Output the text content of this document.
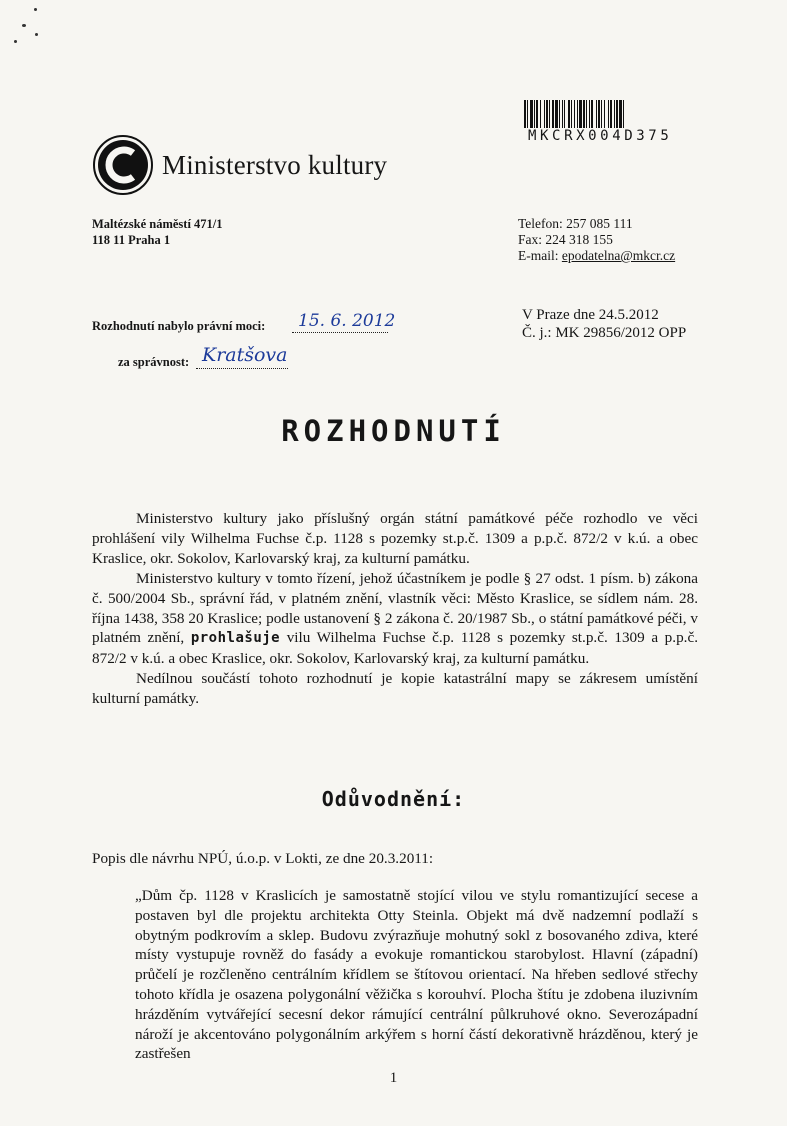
MKCRX004D375
Ministerstvo kultury
Maltézské náměstí 471/1
118 11 Praha 1
Telefon: 257 085 111
Fax: 224 318 155
E-mail: epodatelna@mkcr.cz
V Praze dne 24.5.2012
Č. j.: MK 29856/2012 OPP
Rozhodnutí nabylo právní moci: 15. 6. 2012
za správnost: Kratšova
ROZHODNUTÍ
Ministerstvo kultury jako příslušný orgán státní památkové péče rozhodlo ve věci prohlášení vily Wilhelma Fuchse č.p. 1128 s pozemky st.p.č. 1309 a p.p.č. 872/2 v k.ú. a obec Kraslice, okr. Sokolov, Karlovarský kraj, za kulturní památku.
Ministerstvo kultury v tomto řízení, jehož účastníkem je podle § 27 odst. 1 písm. b) zákona č. 500/2004 Sb., správní řád, v platném znění, vlastník věci: Město Kraslice, se sídlem nám. 28. října 1438, 358 20 Kraslice; podle ustanovení § 2 zákona č. 20/1987 Sb., o státní památkové péči, v platném znění, prohlašuje vilu Wilhelma Fuchse č.p. 1128 s pozemky st.p.č. 1309 a p.p.č. 872/2 v k.ú. a obec Kraslice, okr. Sokolov, Karlovarský kraj, za kulturní památku.
Nedílnou součástí tohoto rozhodnutí je kopie katastrální mapy se zákresem umístění kulturní památky.
Odůvodnění:
Popis dle návrhu NPÚ, ú.o.p. v Lokti, ze dne 20.3.2011:
„Dům čp. 1128 v Kraslicích je samostatně stojící vilou ve stylu romantizující secese a postaven byl dle projektu architekta Otty Steinla. Objekt má dvě nadzemní podlaží s obytným podkrovím a sklep. Budovu zvýrazňuje mohutný sokl z bosovaného zdiva, které místy vystupuje rovněž do fasády a evokuje romantickou starobylost. Hlavní (západní) průčelí je rozčleněno centrálním křídlem se štítovou orientací. Na hřeben sedlové střechy tohoto křídla je osazena polygonální věžička s korouhví. Plocha štítu je zdobena iluzivním hrázděním vytvářející secesní dekor rámující centrální půlkruhové okno. Severozápadní nároží je akcentováno polygonálním arkýřem s horní částí dekorativně hrázděnou, který je zastřešen
1
